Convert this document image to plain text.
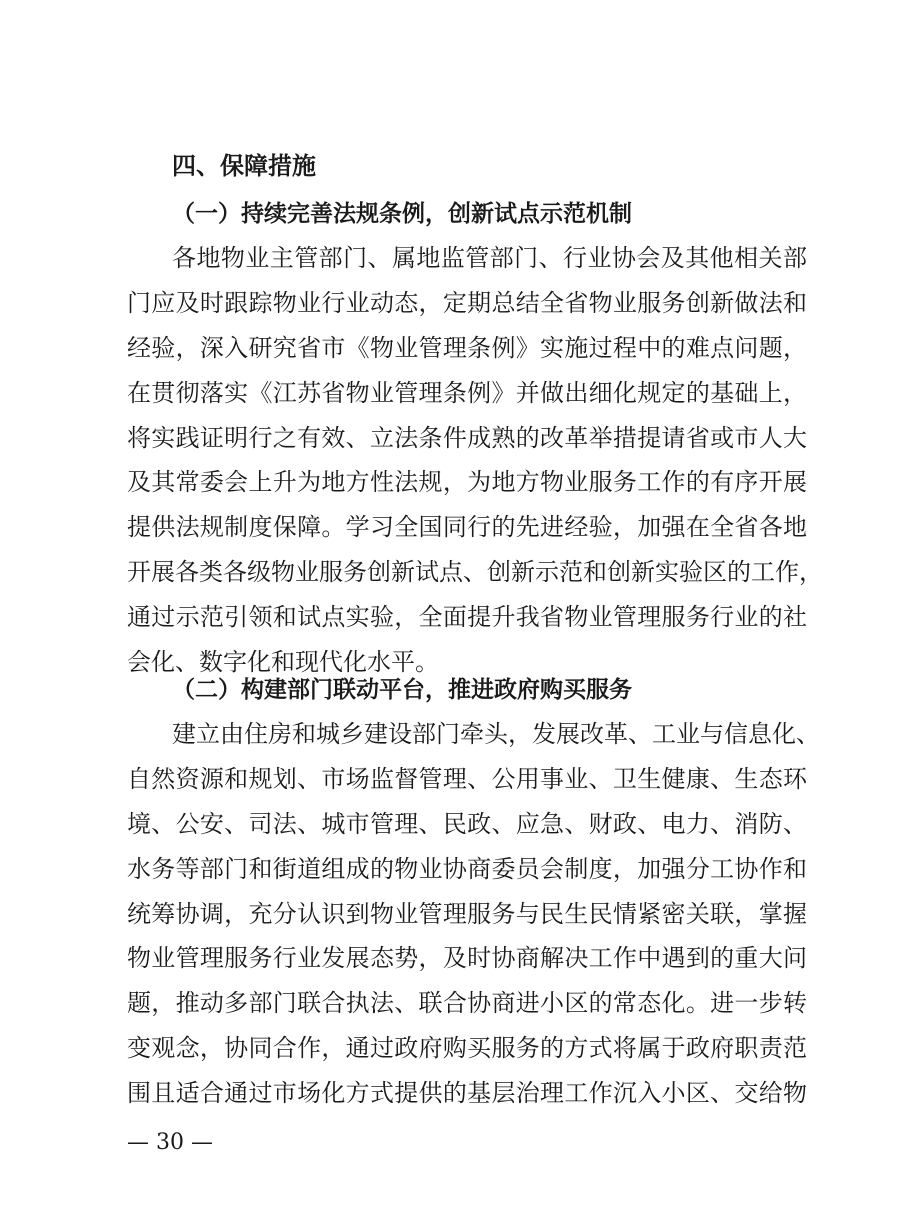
四、保障措施
（一）持续完善法规条例，创新试点示范机制
各地物业主管部门、属地监管部门、行业协会及其他相关部
门应及时跟踪物业行业动态，定期总结全省物业服务创新做法和
经验，深入研究省市《物业管理条例》实施过程中的难点问题，
在贯彻落实《江苏省物业管理条例》并做出细化规定的基础上，
将实践证明行之有效、立法条件成熟的改革举措提请省或市人大
及其常委会上升为地方性法规，为地方物业服务工作的有序开展
提供法规制度保障。学习全国同行的先进经验，加强在全省各地
开展各类各级物业服务创新试点、创新示范和创新实验区的工作，
通过示范引领和试点实验，全面提升我省物业管理服务行业的社
会化、数字化和现代化水平。
（二）构建部门联动平台，推进政府购买服务
建立由住房和城乡建设部门牵头，发展改革、工业与信息化、
自然资源和规划、市场监督管理、公用事业、卫生健康、生态环
境、公安、司法、城市管理、民政、应急、财政、电力、消防、
水务等部门和街道组成的物业协商委员会制度，加强分工协作和
统筹协调，充分认识到物业管理服务与民生民情紧密关联，掌握
物业管理服务行业发展态势，及时协商解决工作中遇到的重大问
题，推动多部门联合执法、联合协商进小区的常态化。进一步转
变观念，协同合作，通过政府购买服务的方式将属于政府职责范
围且适合通过市场化方式提供的基层治理工作沉入小区、交给物
— 30 —
